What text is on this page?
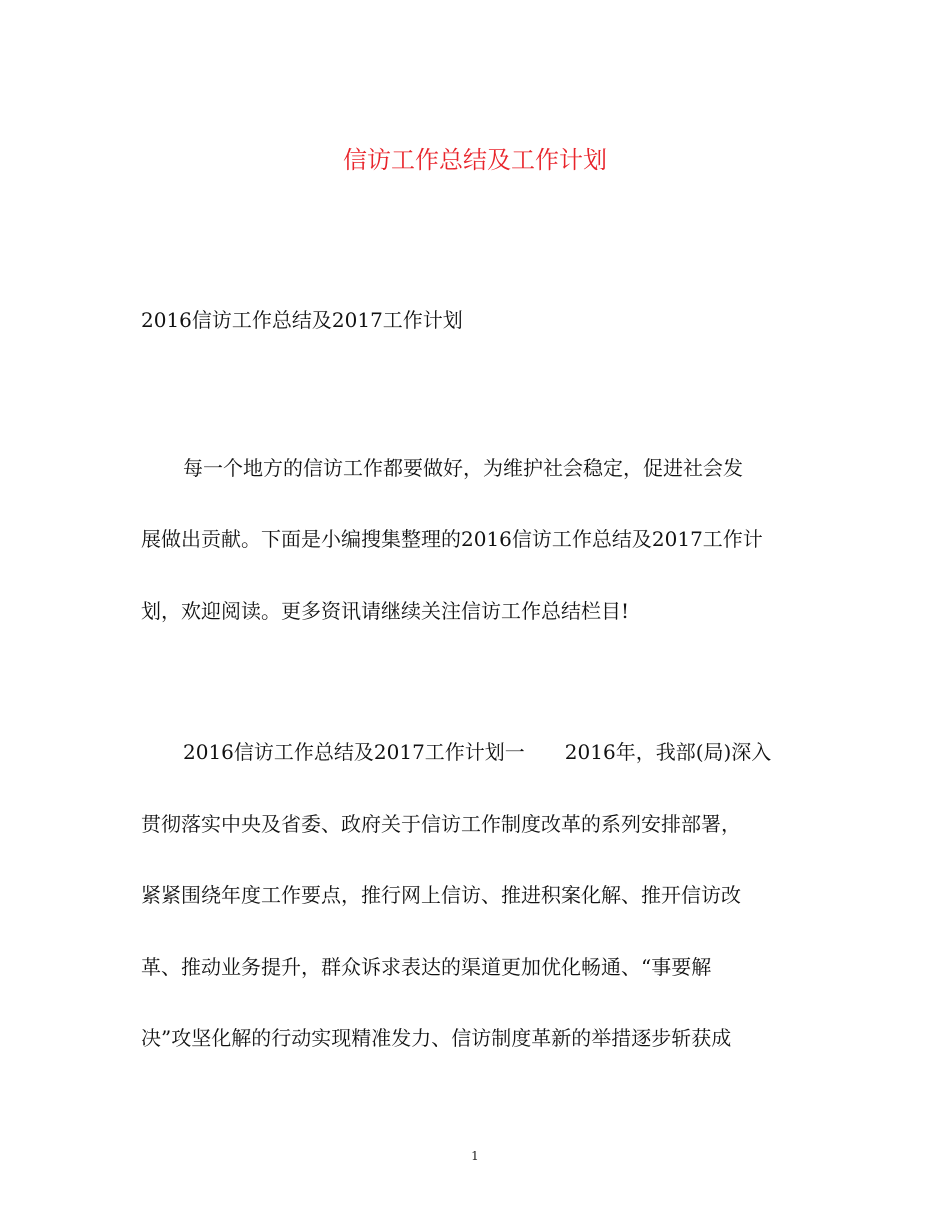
信访工作总结及工作计划
2016信访工作总结及2017工作计划
每一个地方的信访工作都要做好，为维护社会稳定，促进社会发
展做出贡献。下面是小编搜集整理的2016信访工作总结及2017工作计
划，欢迎阅读。更多资讯请继续关注信访工作总结栏目!
2016信访工作总结及2017工作计划一　　2016年，我部(局)深入
贯彻落实中央及省委、政府关于信访工作制度改革的系列安排部署，
紧紧围绕年度工作要点，推行网上信访、推进积案化解、推开信访改
革、推动业务提升，群众诉求表达的渠道更加优化畅通、“事要解
决”攻坚化解的行动实现精准发力、信访制度革新的举措逐步斩获成
1
